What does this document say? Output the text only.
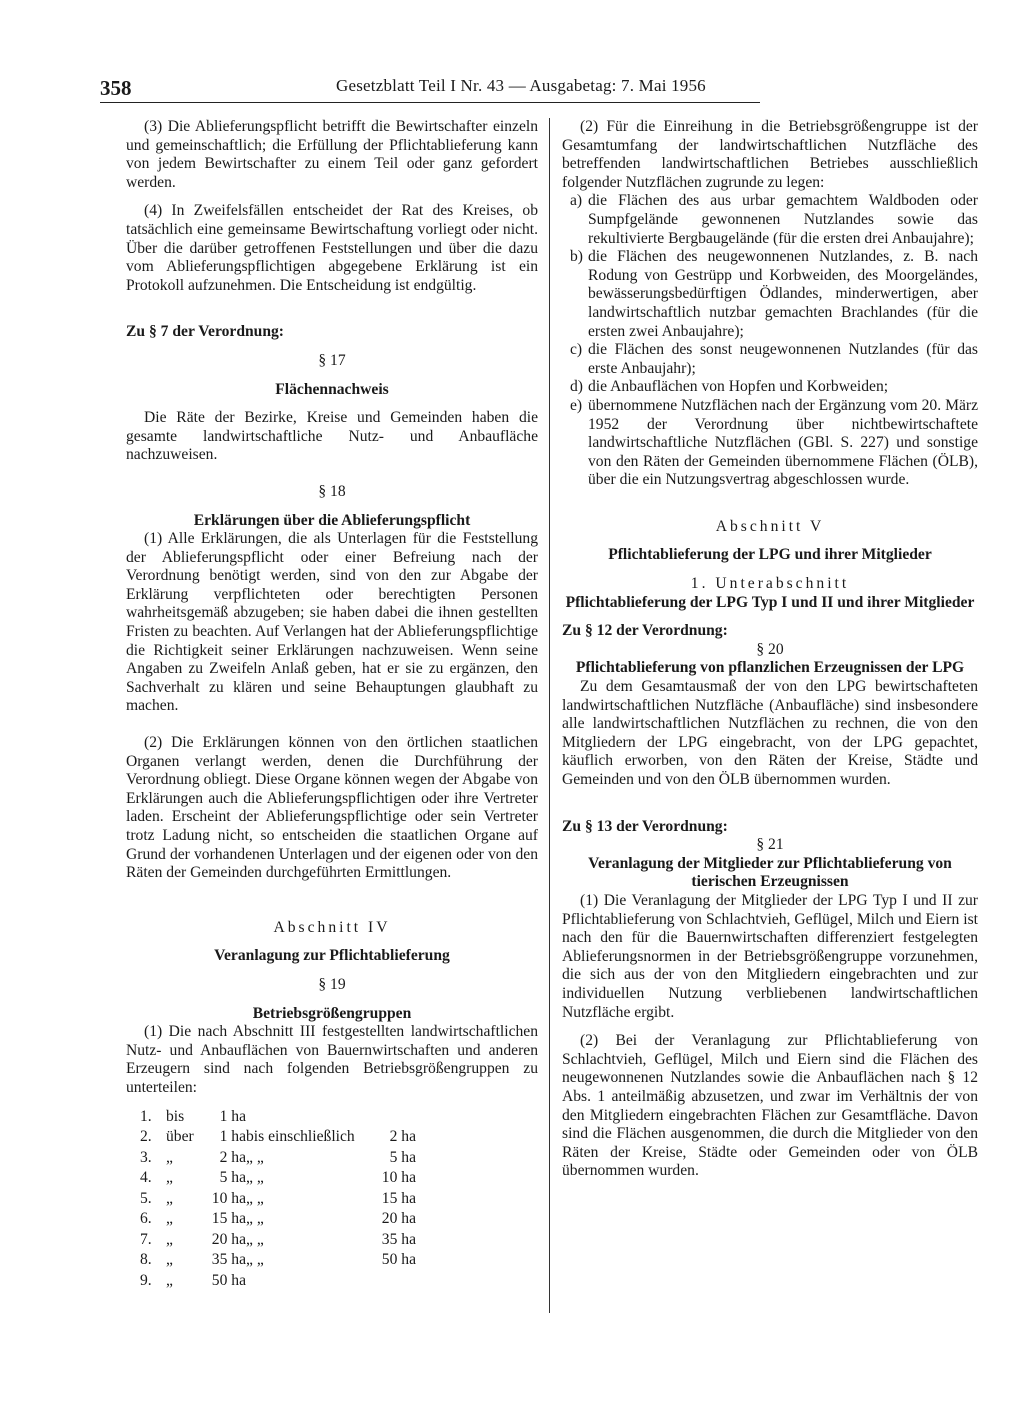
358	Gesetzblatt Teil I Nr. 43 — Ausgabetag: 7. Mai 1956

(3) Die Ablieferungspflicht betrifft die Bewirtschafter einzeln und gemeinschaftlich; die Erfüllung der Pflichtablieferung kann von jedem Bewirtschafter zu einem Teil oder ganz gefordert werden.

(4) In Zweifelsfällen entscheidet der Rat des Kreises, ob tatsächlich eine gemeinsame Bewirtschaftung vorliegt oder nicht. Über die darüber getroffenen Feststellungen und über die dazu vom Ablieferungspflichtigen abgegebene Erklärung ist ein Protokoll aufzunehmen. Die Entscheidung ist endgültig.

Zu § 7 der Verordnung:

§ 17

Flächennachweis

Die Räte der Bezirke, Kreise und Gemeinden haben die gesamte landwirtschaftliche Nutz- und Anbaufläche nachzuweisen.

§ 18

Erklärungen über die Ablieferungspflicht

(1) Alle Erklärungen, die als Unterlagen für die Feststellung der Ablieferungspflicht oder einer Befreiung nach der Verordnung benötigt werden, sind von den zur Abgabe der Erklärung verpflichteten oder berechtigten Personen wahrheitsgemäß abzugeben; sie haben dabei die ihnen gestellten Fristen zu beachten. Auf Verlangen hat der Ablieferungspflichtige die Richtigkeit seiner Erklärungen nachzuweisen. Wenn seine Angaben zu Zweifeln Anlaß geben, hat er sie zu ergänzen, den Sachverhalt zu klären und seine Behauptungen glaubhaft zu machen.

(2) Die Erklärungen können von den örtlichen staatlichen Organen verlangt werden, denen die Durchführung der Verordnung obliegt. Diese Organe können wegen der Abgabe von Erklärungen auch die Ablieferungspflichtigen oder ihre Vertreter laden. Erscheint der Ablieferungspflichtige oder sein Vertreter trotz Ladung nicht, so entscheiden die staatlichen Organe auf Grund der vorhandenen Unterlagen und der eigenen oder von den Räten der Gemeinden durchgeführten Ermittlungen.

Abschnitt IV

Veranlagung zur Pflichtablieferung

§ 19

Betriebsgrößengruppen

(1) Die nach Abschnitt III festgestellten landwirtschaftlichen Nutz- und Anbauflächen von Bauernwirtschaften und anderen Erzeugern sind nach folgenden Betriebsgrößengruppen zu unterteilen:

1.	bis	1 ha		
2.	über	1 ha	bis einschließlich	2 ha
3.	„	2 ha	„ „	5 ha
4.	„	5 ha	„ „	10 ha
5.	„	10 ha	„ „	15 ha
6.	„	15 ha	„ „	20 ha
7.	„	20 ha	„ „	35 ha
8.	„	35 ha	„ „	50 ha
9.	„	50 ha		

(2) Für die Einreihung in die Betriebsgrößengruppe ist der Gesamtumfang der landwirtschaftlichen Nutzfläche des betreffenden landwirtschaftlichen Betriebes ausschließlich folgender Nutzflächen zugrunde zu legen:

a) die Flächen des aus urbar gemachtem Waldboden oder Sumpfgelände gewonnenen Nutzlandes sowie das rekultivierte Bergbaugelände (für die ersten drei Anbaujahre);
b) die Flächen des neugewonnenen Nutzlandes, z. B. nach Rodung von Gestrüpp und Korbweiden, des Moorgeländes, bewässerungsbedürftigen Ödlandes, minderwertigen, aber landwirtschaftlich nutzbar gemachten Brachlandes (für die ersten zwei Anbaujahre);
c) die Flächen des sonst neugewonnenen Nutzlandes (für das erste Anbaujahr);
d) die Anbauflächen von Hopfen und Korbweiden;
e) übernommene Nutzflächen nach der Ergänzung vom 20. März 1952 der Verordnung über nichtbewirtschaftete landwirtschaftliche Nutzflächen (GBl. S. 227) und sonstige von den Räten der Gemeinden übernommene Flächen (ÖLB), über die ein Nutzungsvertrag abgeschlossen wurde.

Abschnitt V

Pflichtablieferung der LPG und ihrer Mitglieder

1. Unterabschnitt

Pflichtablieferung der LPG Typ I und II und ihrer Mitglieder

Zu § 12 der Verordnung:

§ 20

Pflichtablieferung von pflanzlichen Erzeugnissen der LPG

Zu dem Gesamtausmaß der von den LPG bewirtschafteten landwirtschaftlichen Nutzfläche (Anbaufläche) sind insbesondere alle landwirtschaftlichen Nutzflächen zu rechnen, die von den Mitgliedern der LPG eingebracht, von der LPG gepachtet, käuflich erworben, von den Räten der Kreise, Städte und Gemeinden und von den ÖLB übernommen wurden.

Zu § 13 der Verordnung:

§ 21

Veranlagung der Mitglieder zur Pflichtablieferung von tierischen Erzeugnissen

(1) Die Veranlagung der Mitglieder der LPG Typ I und II zur Pflichtablieferung von Schlachtvieh, Geflügel, Milch und Eiern ist nach den für die Bauernwirtschaften differenziert festgelegten Ablieferungsnormen in der Betriebsgrößengruppe vorzunehmen, die sich aus der von den Mitgliedern eingebrachten und zur individuellen Nutzung verbliebenen landwirtschaftlichen Nutzfläche ergibt.

(2) Bei der Veranlagung zur Pflichtablieferung von Schlachtvieh, Geflügel, Milch und Eiern sind die Flächen des neugewonnenen Nutzlandes sowie die Anbauflächen nach § 12 Abs. 1 anteilmäßig abzusetzen, und zwar im Verhältnis der von den Mitgliedern eingebrachten Flächen zur Gesamtfläche. Davon sind die Flächen ausgenommen, die durch die Mitglieder von den Räten der Kreise, Städte oder Gemeinden oder von ÖLB übernommen wurden.
